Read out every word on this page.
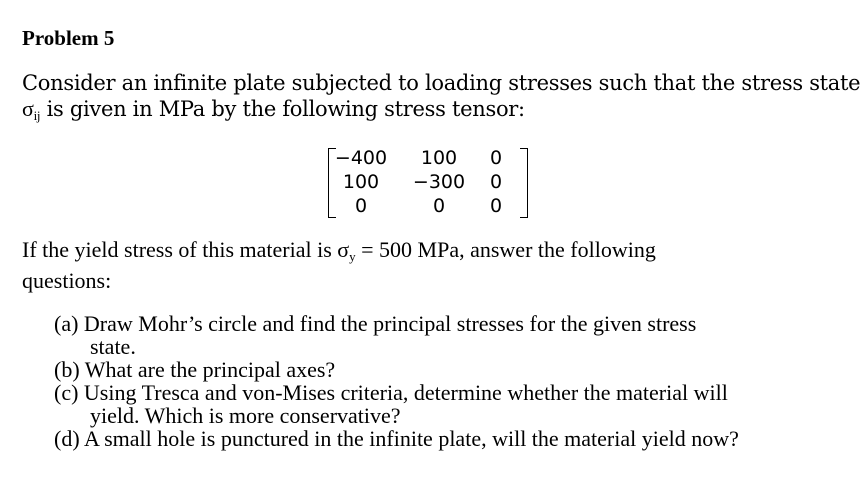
Problem 5
Consider an infinite plate subjected to loading stresses such that the stress state
$\sigma_{ij}$ is given in MPa by the following stress tensor:
−400	100	0
100	−300	0
0	0	0
If the yield stress of this material is $\sigma_y = 500$ MPa, answer the following
questions:
(a) Draw Mohr’s circle and find the principal stresses for the given stress
state.
(b) What are the principal axes?
(c) Using Tresca and von-Mises criteria, determine whether the material will
yield. Which is more conservative?
(d) A small hole is punctured in the infinite plate, will the material yield now?
